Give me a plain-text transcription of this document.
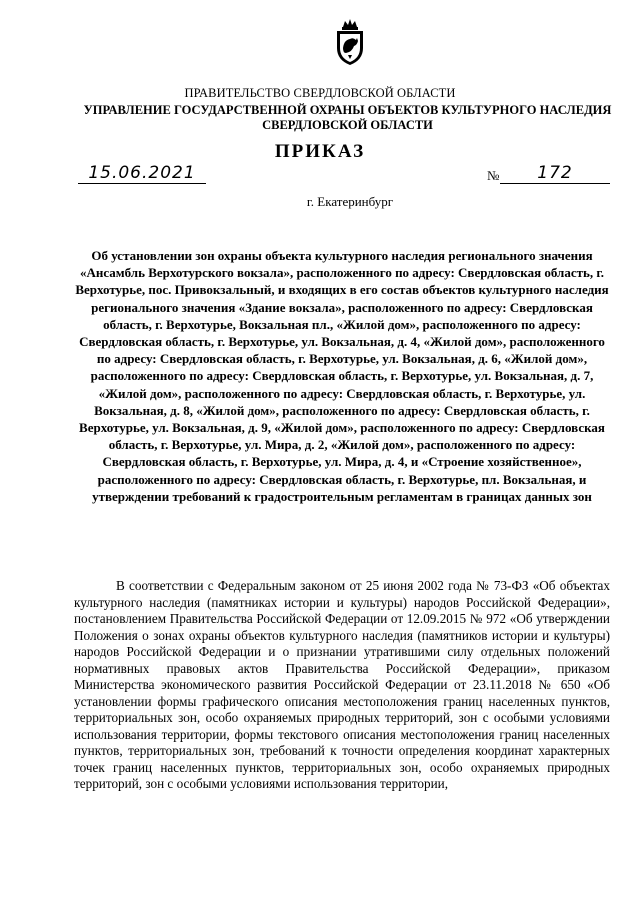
ПРАВИТЕЛЬСТВО СВЕРДЛОВСКОЙ ОБЛАСТИ
УПРАВЛЕНИЕ ГОСУДАРСТВЕННОЙ ОХРАНЫ ОБЪЕКТОВ КУЛЬТУРНОГО НАСЛЕДИЯ СВЕРДЛОВСКОЙ ОБЛАСТИ
ПРИКАЗ
15.06.2021	№	172
г. Екатеринбург
Об установлении зон охраны объекта культурного наследия регионального значения «Ансамбль Верхотурского вокзала», расположенного по адресу: Свердловская область, г. Верхотурье, пос. Привокзальный, и входящих в его состав объектов культурного наследия регионального значения «Здание вокзала», расположенного по адресу: Свердловская область, г. Верхотурье, Вокзальная пл., «Жилой дом», расположенного по адресу: Свердловская область, г. Верхотурье, ул. Вокзальная, д. 4, «Жилой дом», расположенного по адресу: Свердловская область, г. Верхотурье, ул. Вокзальная, д. 6, «Жилой дом», расположенного по адресу: Свердловская область, г. Верхотурье, ул. Вокзальная, д. 7, «Жилой дом», расположенного по адресу: Свердловская область, г. Верхотурье, ул. Вокзальная, д. 8, «Жилой дом», расположенного по адресу: Свердловская область, г. Верхотурье, ул. Вокзальная, д. 9, «Жилой дом», расположенного по адресу: Свердловская область, г. Верхотурье, ул. Мира, д. 2, «Жилой дом», расположенного по адресу: Свердловская область, г. Верхотурье, ул. Мира, д. 4, и «Строение хозяйственное», расположенного по адресу: Свердловская область, г. Верхотурье, пл. Вокзальная, и утверждении требований к градостроительным регламентам в границах данных зон
В соответствии с Федеральным законом от 25 июня 2002 года № 73-ФЗ «Об объектах культурного наследия (памятниках истории и культуры) народов Российской Федерации», постановлением Правительства Российской Федерации от 12.09.2015 № 972 «Об утверждении Положения о зонах охраны объектов культурного наследия (памятников истории и культуры) народов Российской Федерации и о признании утратившими силу отдельных положений нормативных правовых актов Правительства Российской Федерации», приказом Министерства экономического развития Российской Федерации от 23.11.2018 № 650 «Об установлении формы графического описания местоположения границ населенных пунктов, территориальных зон, особо охраняемых природных территорий, зон с особыми условиями использования территории, формы текстового описания местоположения границ населенных пунктов, территориальных зон, требований к точности определения координат характерных точек границ населенных пунктов, территориальных зон, особо охраняемых природных территорий, зон с особыми условиями использования территории,
